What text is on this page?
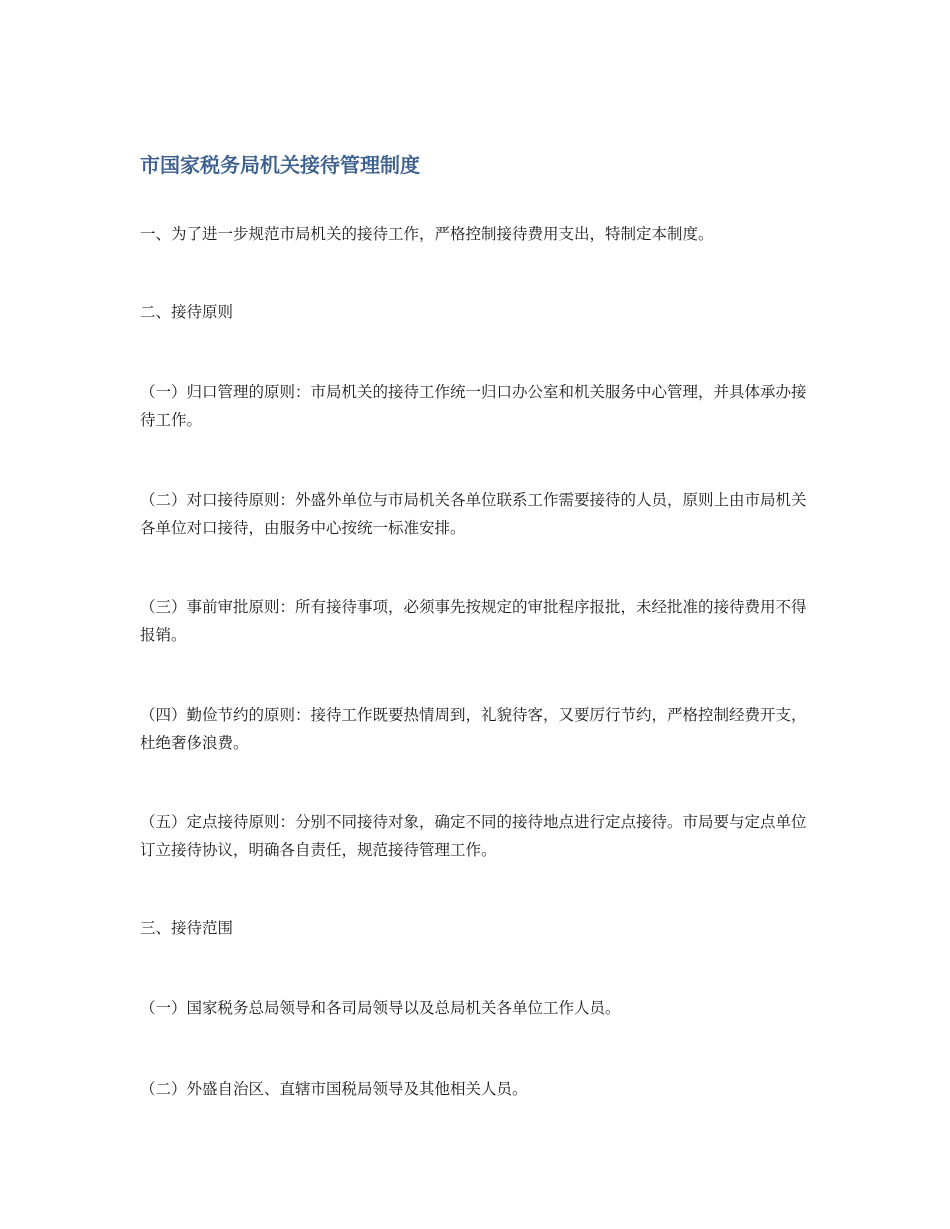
市国家税务局机关接待管理制度

一、为了进一步规范市局机关的接待工作，严格控制接待费用支出，特制定本制度。

二、接待原则

（一）归口管理的原则：市局机关的接待工作统一归口办公室和机关服务中心管理，并具体承办接待工作。

（二）对口接待原则：外盛外单位与市局机关各单位联系工作需要接待的人员，原则上由市局机关各单位对口接待，由服务中心按统一标准安排。

（三）事前审批原则：所有接待事项，必须事先按规定的审批程序报批，未经批准的接待费用不得报销。

（四）勤俭节约的原则：接待工作既要热情周到，礼貌待客，又要厉行节约，严格控制经费开支，杜绝奢侈浪费。

（五）定点接待原则：分别不同接待对象，确定不同的接待地点进行定点接待。市局要与定点单位订立接待协议，明确各自责任，规范接待管理工作。

三、接待范围

（一）国家税务总局领导和各司局领导以及总局机关各单位工作人员。

（二）外盛自治区、直辖市国税局领导及其他相关人员。
